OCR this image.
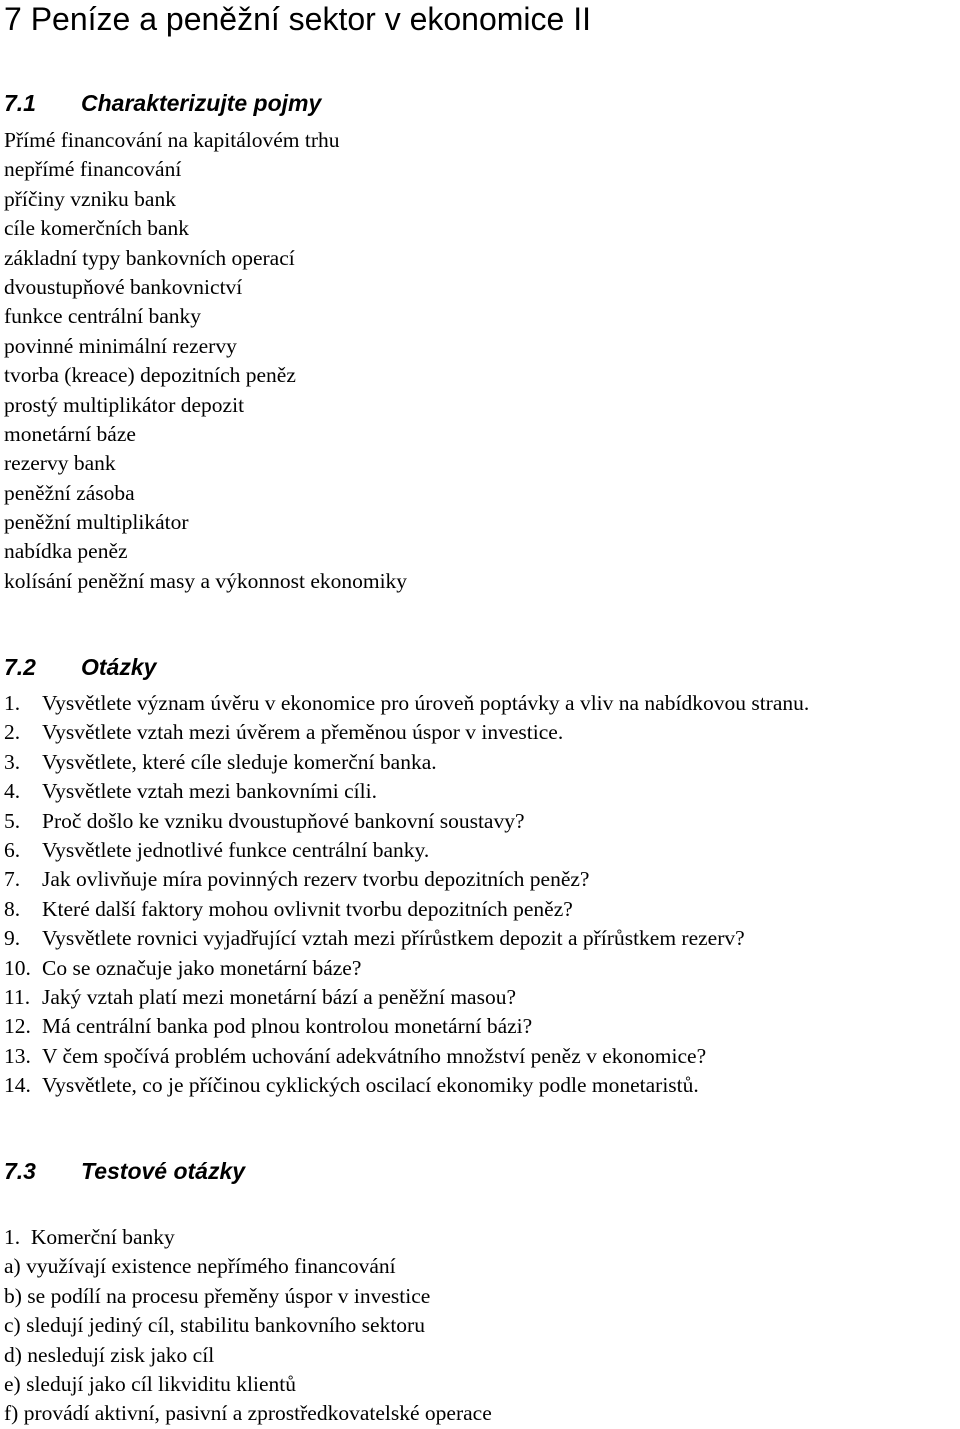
7 Peníze a peněžní sektor v ekonomice II
7.1 Charakterizujte pojmy
Přímé financování na kapitálovém trhu
nepřímé financování
příčiny vzniku bank
cíle komerčních bank
základní typy bankovních operací
dvoustupňové bankovnictví
funkce centrální banky
povinné minimální rezervy
tvorba (kreace) depozitních peněz
prostý multiplikátor depozit
monetární báze
rezervy bank
peněžní zásoba
peněžní multiplikátor
nabídka peněz
kolísání peněžní masy a výkonnost ekonomiky
7.2 Otázky
1. Vysvětlete význam úvěru v ekonomice pro úroveň poptávky a vliv na nabídkovou stranu.
2. Vysvětlete vztah mezi úvěrem a přeměnou úspor v investice.
3. Vysvětlete, které cíle sleduje komerční banka.
4. Vysvětlete vztah mezi bankovními cíli.
5. Proč došlo ke vzniku dvoustupňové bankovní soustavy?
6. Vysvětlete jednotlivé funkce centrální banky.
7. Jak ovlivňuje míra povinných rezerv tvorbu depozitních peněz?
8. Které další faktory mohou ovlivnit tvorbu depozitních peněz?
9. Vysvětlete rovnici vyjadřující vztah mezi přírůstkem depozit a přírůstkem rezerv?
10. Co se označuje jako monetární báze?
11. Jaký vztah platí mezi monetární bází a peněžní masou?
12. Má centrální banka pod plnou kontrolou monetární bázi?
13. V čem spočívá problém uchování adekvátního množství peněz v ekonomice?
14. Vysvětlete, co je příčinou cyklických oscilací ekonomiky podle monetaristů.
7.3 Testové otázky
1.  Komerční banky
a) využívají existence nepřímého financování
b) se podílí na procesu přeměny úspor v investice
c) sledují jediný cíl, stabilitu bankovního sektoru
d) nesledují zisk jako cíl
e) sledují jako cíl likviditu klientů
f) provádí aktivní, pasivní a zprostředkovatelské operace
